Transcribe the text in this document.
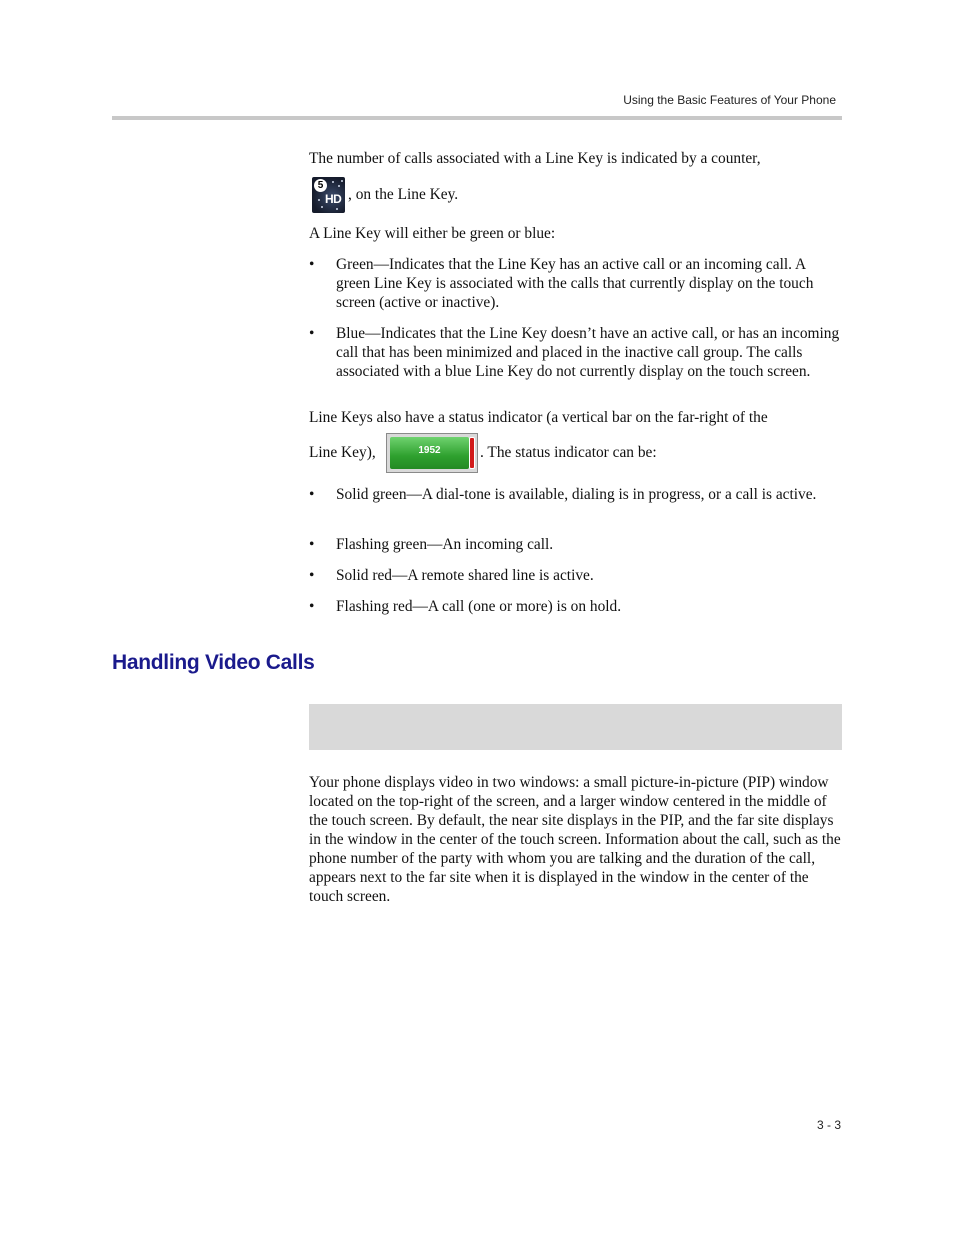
Using the Basic Features of Your Phone

The number of calls associated with a Line Key is indicated by a counter,

5
HD , on the Line Key.

A Line Key will either be green or blue:

• Green—Indicates that the Line Key has an active call or an incoming call. A green Line Key is associated with the calls that currently display on the touch screen (active or inactive).
• Blue—Indicates that the Line Key doesn’t have an active call, or has an incoming call that has been minimized and placed in the inactive call group. The calls associated with a blue Line Key do not currently display on the touch screen.

Line Keys also have a status indicator (a vertical bar on the far-right of the

Line Key),	1952	. The status indicator can be:

• Solid green—A dial-tone is available, dialing is in progress, or a call is active.
• Flashing green—An incoming call.
• Solid red—A remote shared line is active.
• Flashing red—A call (one or more) is on hold.
Handling Video Calls

Your phone displays video in two windows: a small picture-in-picture (PIP) window located on the top-right of the screen, and a larger window centered in the middle of the touch screen. By default, the near site displays in the PIP, and the far site displays in the window in the center of the touch screen. Information about the call, such as the phone number of the party with whom you are talking and the duration of the call, appears next to the far site when it is displayed in the window in the center of the touch screen.

3 - 3
